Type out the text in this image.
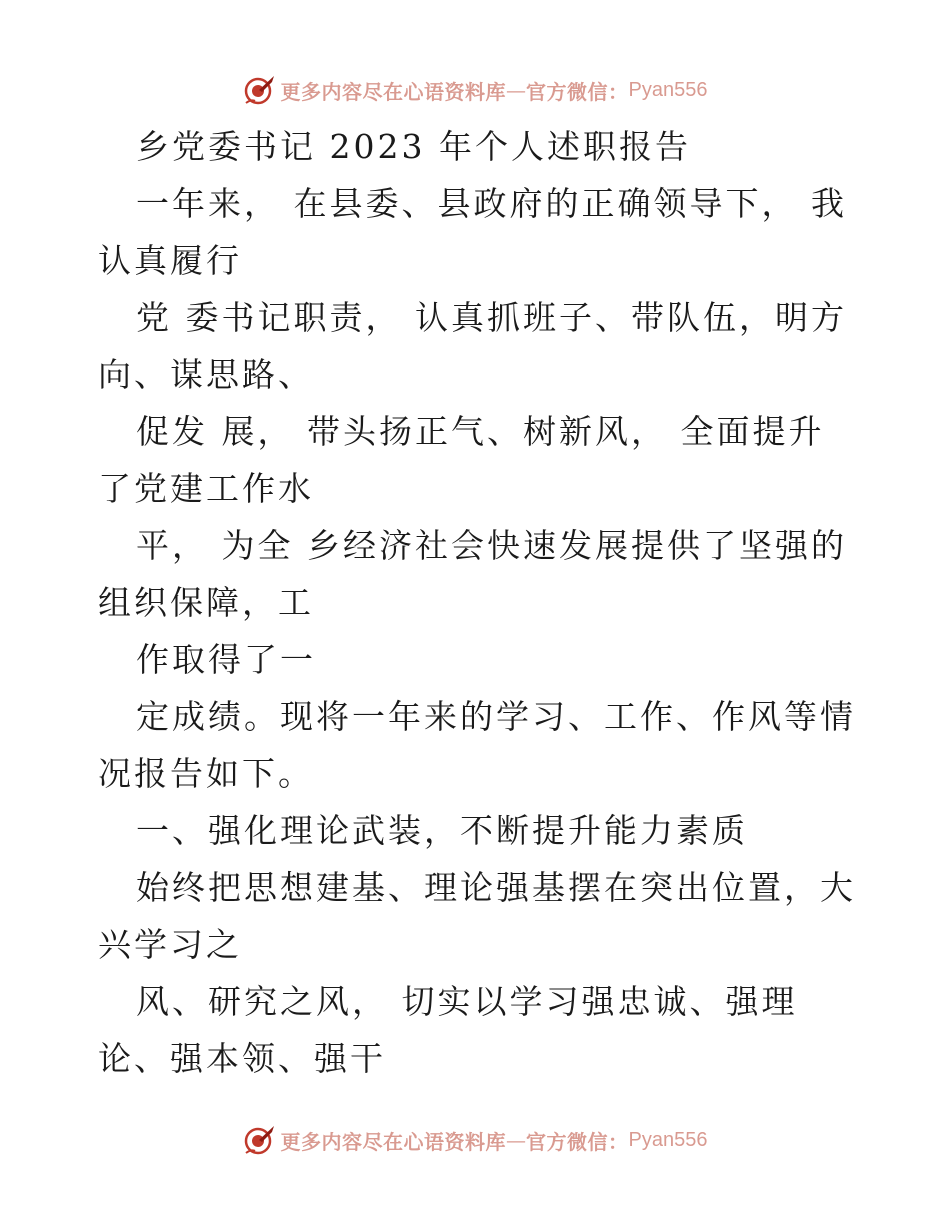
更多内容尽在心语资料库 — 官方微信： Pyan556

乡党委书记 2023 年个人述职报告

一年来， 在县委、县政府的正确领导下， 我认真履行

党 委书记职责， 认真抓班子、带队伍，明方向、谋思路、

促发 展， 带头扬正气、树新风， 全面提升了党建工作水

平， 为全 乡经济社会快速发展提供了坚强的组织保障，工

作取得了一

定成绩。现将一年来的学习、工作、作风等情况报告如下。

一、强化理论武装，不断提升能力素质

始终把思想建基、理论强基摆在突出位置，大兴学习之

风、研究之风， 切实以学习强忠诚、强理论、强本领、强干

更多内容尽在心语资料库 — 官方微信： Pyan556
